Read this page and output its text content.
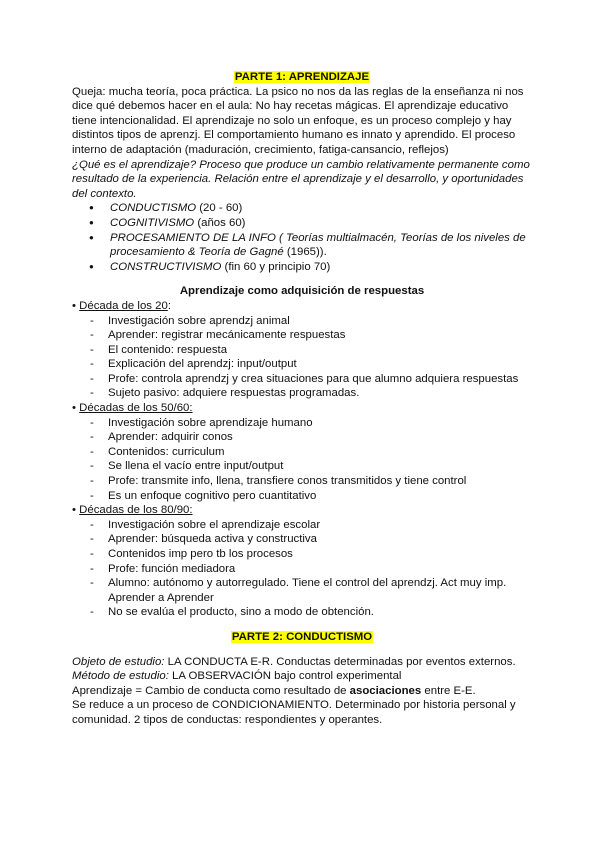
PARTE 1: APRENDIZAJE

Queja: mucha teoría, poca práctica. La psico no nos da las reglas de la enseñanza ni nos dice qué debemos hacer en el aula: No hay recetas mágicas. El aprendizaje educativo tiene intencionalidad. El aprendizaje no solo un enfoque, es un proceso complejo y hay distintos tipos de aprenzj. El comportamiento humano es innato y aprendido. El proceso interno de adaptación (maduración, crecimiento, fatiga-cansancio, reflejos)

¿Qué es el aprendizaje? Proceso que produce un cambio relativamente permanente como resultado de la experiencia. Relación entre el aprendizaje y el desarrollo, y oportunidades del contexto.

● CONDUCTISMO (20 - 60)
● COGNITIVISMO (años 60)
● PROCESAMIENTO DE LA INFO ( Teorías multialmacén, Teorías de los niveles de procesamiento & Teoría de Gagné (1965)).
● CONSTRUCTIVISMO (fin 60 y principio 70)

Aprendizaje como adquisición de respuestas

• Década de los 20:

- Investigación sobre aprendzj animal
- Aprender: registrar mecánicamente respuestas
- El contenido: respuesta
- Explicación del aprendzj: input/output
- Profe: controla aprendzj y crea situaciones para que alumno adquiera respuestas
- Sujeto pasivo: adquiere respuestas programadas.

• Décadas de los 50/60:

- Investigación sobre aprendizaje humano
- Aprender: adquirir conos
- Contenidos: curriculum
- Se llena el vacío entre input/output
- Profe: transmite info, llena, transfiere conos transmitidos y tiene control
- Es un enfoque cognitivo pero cuantitativo

• Décadas de los 80/90:

- Investigación sobre el aprendizaje escolar
- Aprender: búsqueda activa y constructiva
- Contenidos imp pero tb los procesos
- Profe: función mediadora
- Alumno: autónomo y autorregulado. Tiene el control del aprendzj. Act muy imp. Aprender a Aprender
- No se evalúa el producto, sino a modo de obtención.

PARTE 2: CONDUCTISMO

Objeto de estudio: LA CONDUCTA E-R. Conductas determinadas por eventos externos.

Método de estudio: LA OBSERVACIÓN bajo control experimental

Aprendizaje = Cambio de conducta como resultado de asociaciones entre E-E.

Se reduce a un proceso de CONDICIONAMIENTO. Determinado por historia personal y comunidad. 2 tipos de conductas: respondientes y operantes.
